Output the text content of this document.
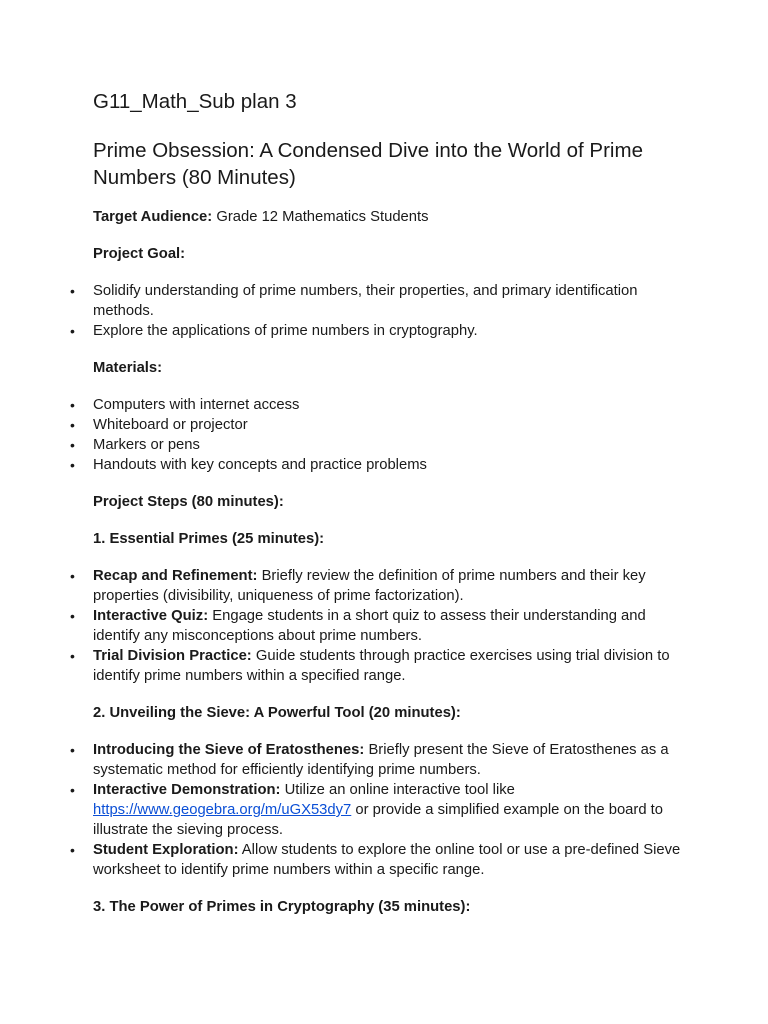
G11_Math_Sub plan 3
Prime Obsession: A Condensed Dive into the World of Prime Numbers (80 Minutes)
Target Audience: Grade 12 Mathematics Students
Project Goal:
• Solidify understanding of prime numbers, their properties, and primary identification methods.
• Explore the applications of prime numbers in cryptography.
Materials:
• Computers with internet access
• Whiteboard or projector
• Markers or pens
• Handouts with key concepts and practice problems
Project Steps (80 minutes):
1. Essential Primes (25 minutes):
• Recap and Refinement: Briefly review the definition of prime numbers and their key properties (divisibility, uniqueness of prime factorization).
• Interactive Quiz: Engage students in a short quiz to assess their understanding and identify any misconceptions about prime numbers.
• Trial Division Practice: Guide students through practice exercises using trial division to identify prime numbers within a specified range.
2. Unveiling the Sieve: A Powerful Tool (20 minutes):
• Introducing the Sieve of Eratosthenes: Briefly present the Sieve of Eratosthenes as a systematic method for efficiently identifying prime numbers.
• Interactive Demonstration: Utilize an online interactive tool like https://www.geogebra.org/m/uGX53dy7 or provide a simplified example on the board to illustrate the sieving process.
• Student Exploration: Allow students to explore the online tool or use a pre-defined Sieve worksheet to identify prime numbers within a specific range.
3. The Power of Primes in Cryptography (35 minutes):
